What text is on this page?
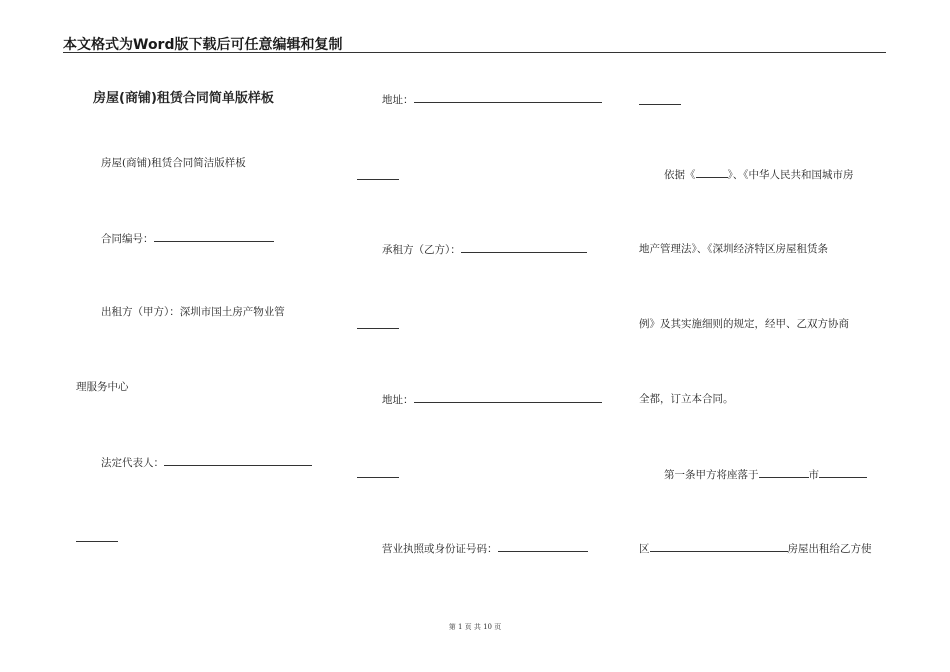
本文格式为Word版下载后可任意编辑和复制
房屋(商铺)租赁合同简单版样板
房屋(商铺)租赁合同简洁版样板
合同编号：
出租方（甲方）：深圳市国土房产物业管
理服务中心
法定代表人：
地址：
承租方（乙方）：
地址：
营业执照或身份证号码：
依据《	》、《中华人民共和国城市房
地产管理法》、《深圳经济特区房屋租赁条
例》及其实施细则的规定，经甲、乙双方协商
全都，订立本合同。
第一条甲方将座落于	市
区	房屋出租给乙方使
第 1 页 共 10 页
